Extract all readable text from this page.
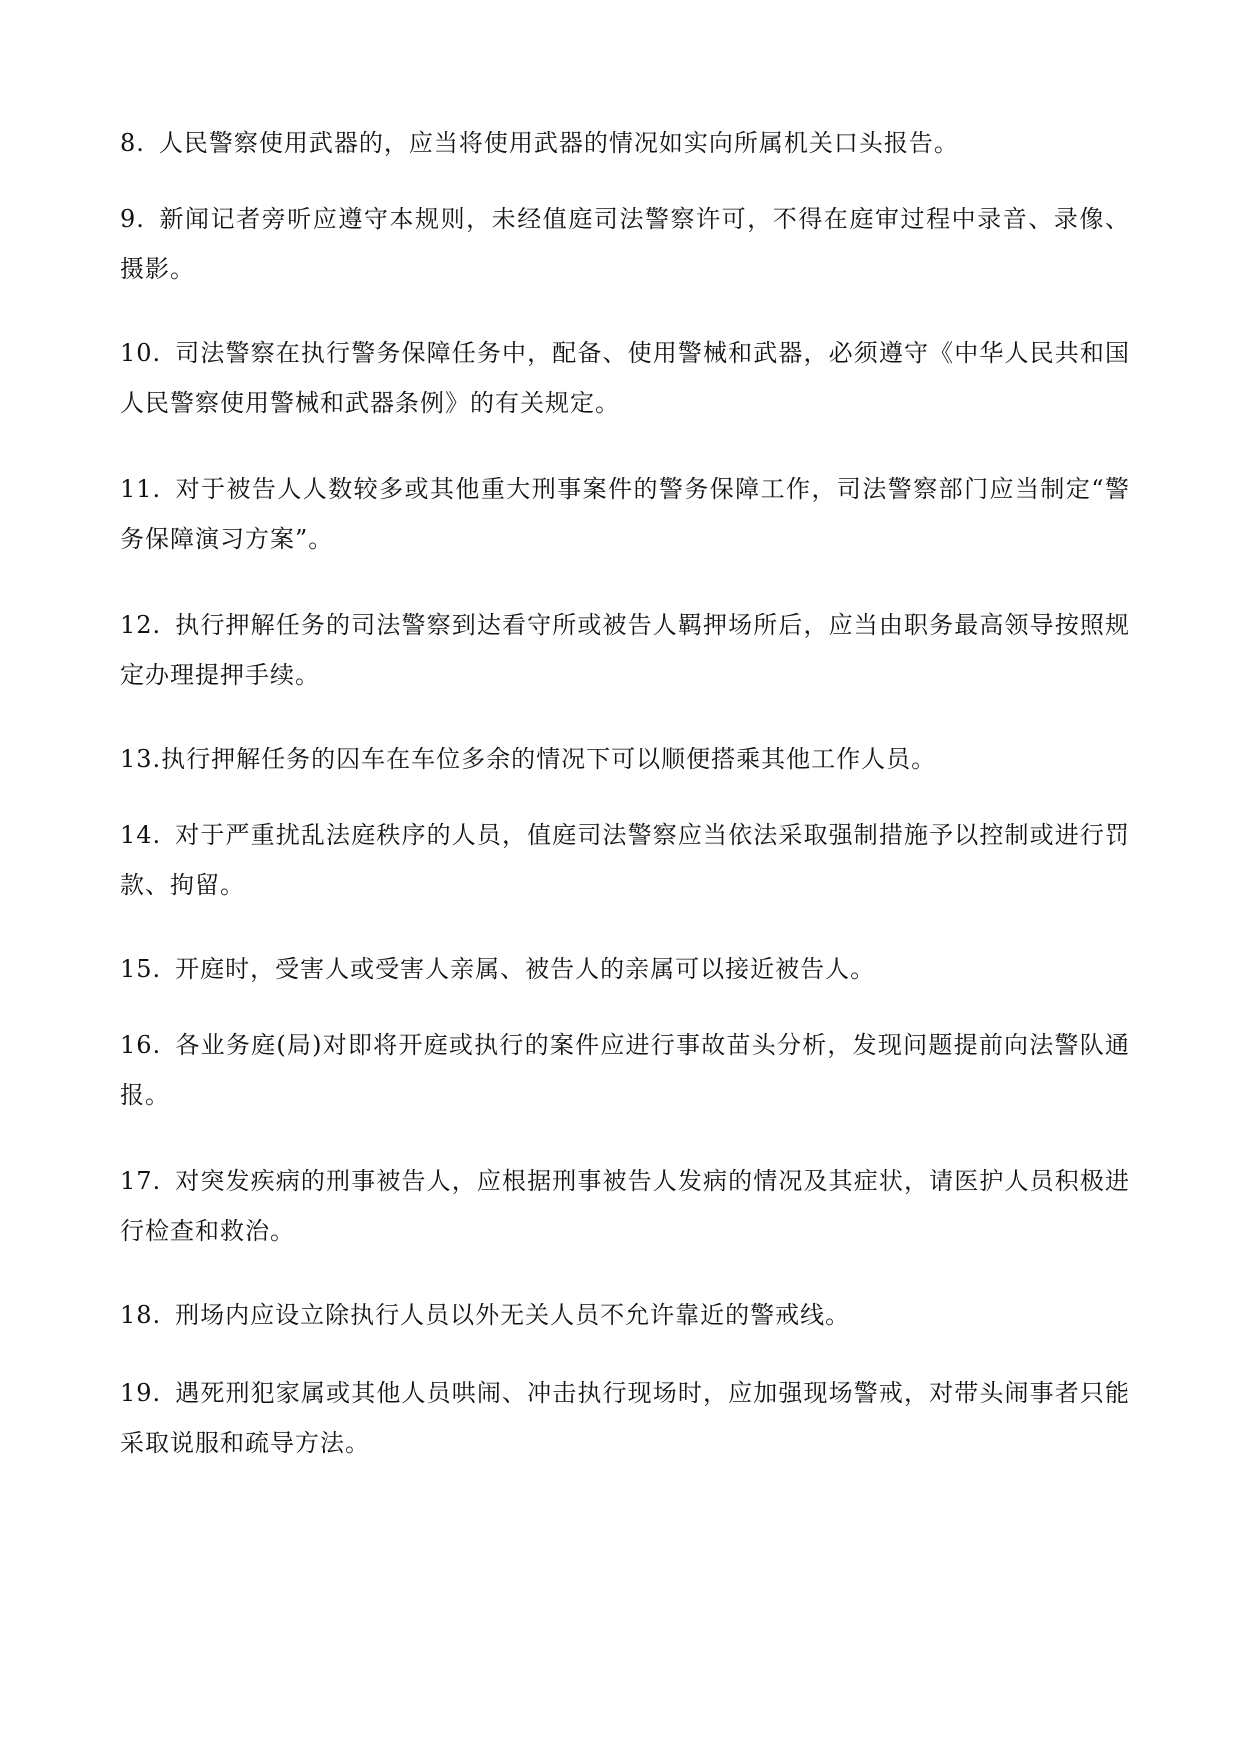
8. 人民警察使用武器的，应当将使用武器的情况如实向所属机关口头报告。

9. 新闻记者旁听应遵守本规则，未经值庭司法警察许可，不得在庭审过程中录音、录像、摄影。

10. 司法警察在执行警务保障任务中，配备、使用警械和武器，必须遵守《中华人民共和国人民警察使用警械和武器条例》的有关规定。

11. 对于被告人人数较多或其他重大刑事案件的警务保障工作，司法警察部门应当制定“警务保障演习方案”。

12. 执行押解任务的司法警察到达看守所或被告人羁押场所后，应当由职务最高领导按照规定办理提押手续。

13.执行押解任务的囚车在车位多余的情况下可以顺便搭乘其他工作人员。

14. 对于严重扰乱法庭秩序的人员，值庭司法警察应当依法采取强制措施予以控制或进行罚款、拘留。

15. 开庭时，受害人或受害人亲属、被告人的亲属可以接近被告人。

16. 各业务庭(局)对即将开庭或执行的案件应进行事故苗头分析，发现问题提前向法警队通报。

17. 对突发疾病的刑事被告人，应根据刑事被告人发病的情况及其症状，请医护人员积极进行检查和救治。

18. 刑场内应设立除执行人员以外无关人员不允许靠近的警戒线。

19. 遇死刑犯家属或其他人员哄闹、冲击执行现场时，应加强现场警戒，对带头闹事者只能采取说服和疏导方法。
